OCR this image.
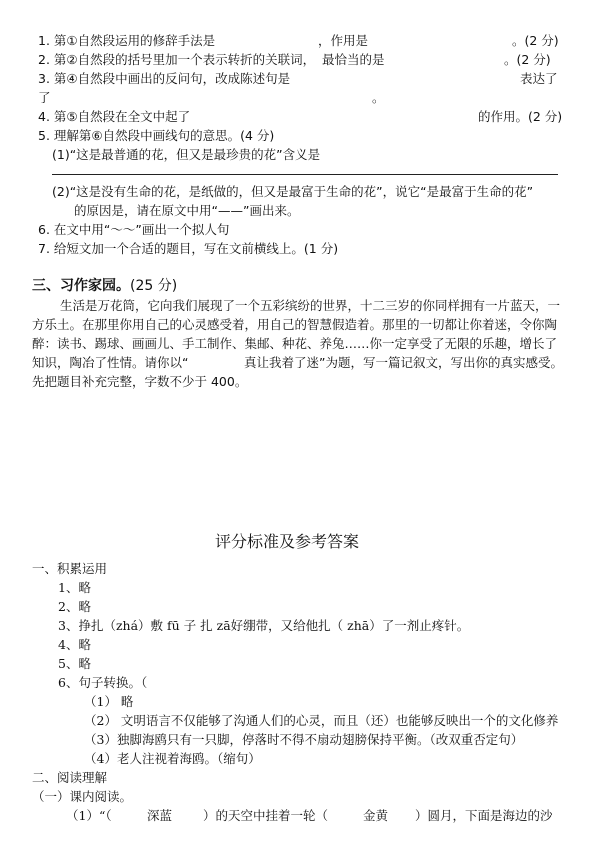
1. 第①自然段运用的修辞手法是	，作用是	。(2 分)
2. 第②自然段的括号里加一个表示转折的关联词， 最恰当的是	。(2 分)
3. 第④自然段中画出的反问句，改成陈述句是	表达了
了	。
4. 第⑤自然段在全文中起了	的作用。(2 分)
5. 理解第⑥自然段中画线句的意思。(4 分)
(1)“这是最普通的花，但又是最珍贵的花”含义是
(2)“这是没有生命的花，是纸做的，但又是最富于生命的花”，说它“是最富于生命的花”
的原因是，请在原文中用“——”画出来。
6. 在文中用“～～”画出一个拟人句
7. 给短文加一个合适的题目，写在文前横线上。(1 分)
三、习作家园。(25 分)
生活是万花筒，它向我们展现了一个五彩缤纷的世界，十二三岁的你同样拥有一片蓝天，一
方乐土。在那里你用自己的心灵感受着，用自己的智慧假造着。那里的一切都让你着迷，令你陶
醉：读书、踢球、画画儿、手工制作、集邮、种花、养兔……你一定享受了无限的乐趣，增长了
知识，陶冶了性情。请你以“	真让我着了迷”为题，写一篇记叙文，写出你的真实感受。
先把题目补充完整，字数不少于 400。
评分标准及参考答案
一、积累运用
1、略
2、略
3、挣扎（zhá）敷 fū 子 扎 zā好绷带，又给他扎（ zhā）了一剂止疼针。
4、略
5、略
6、句子转换。（
（1） 略
（2） 文明语言不仅能够了沟通人们的心灵，而且（还）也能够反映出一个的文化修养
（3）独脚海鸥只有一只脚，停落时不得不扇动翅膀保持平衡。（改双重否定句）
（4）老人注视着海鸥。（缩句）
二、阅读理解
（一）课内阅读。
（1）“（	深蓝 ）的天空中挂着一轮（	金黄 ）圆月，下面是海边的沙
